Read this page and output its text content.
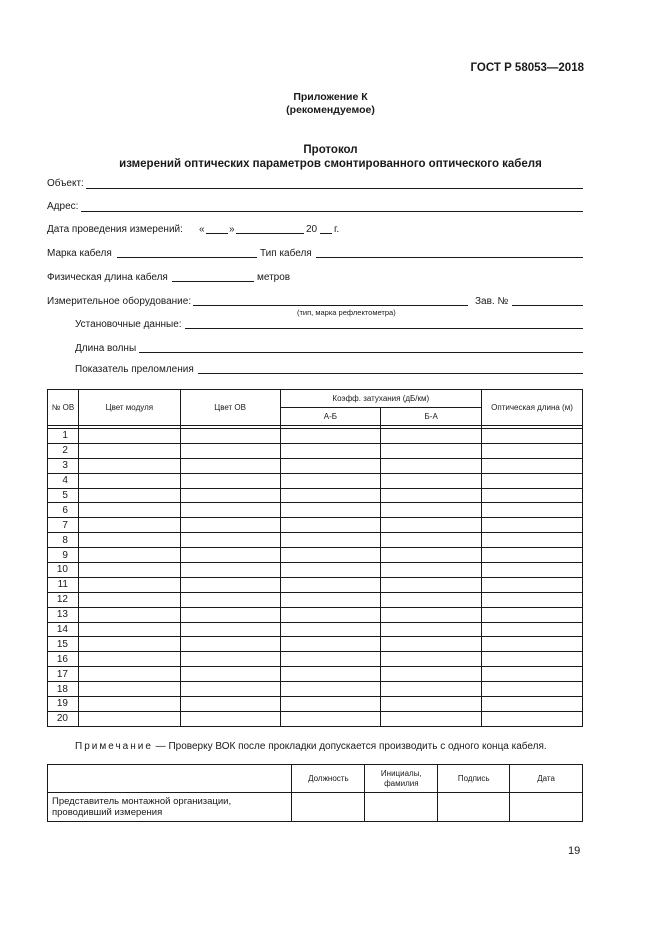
ГОСТ Р 58053—2018
Приложение К
(рекомендуемое)
Протокол
измерений оптических параметров смонтированного оптического кабеля
Объект:
Адрес:
Дата проведения измерений: « »	20 г.
Марка кабеля	Тип кабеля
Физическая длина кабеля	метров
Измерительное оборудование:
(тип, марка рефлектометра)
Зав. №
Установочные данные:
Длина волны
Показатель преломления
№ ОВ	Цвет модуля	Цвет ОВ	Коэфф. затухания (дБ/км)		Оптическая длина (м)
			А-Б	Б-А	

1					
2					
3					
4					
5					
6					
7					
8					
9					
10					
11					
12					
13					
14					
15					
16					
17					
18					
19					
20					
Примечание — Проверку ВОК после прокладки допускается производить с одного конца кабеля.
	Должность	Инициалы, фамилия	Подпись	Дата
Представитель монтажной организации, проводивший измерения				
19
